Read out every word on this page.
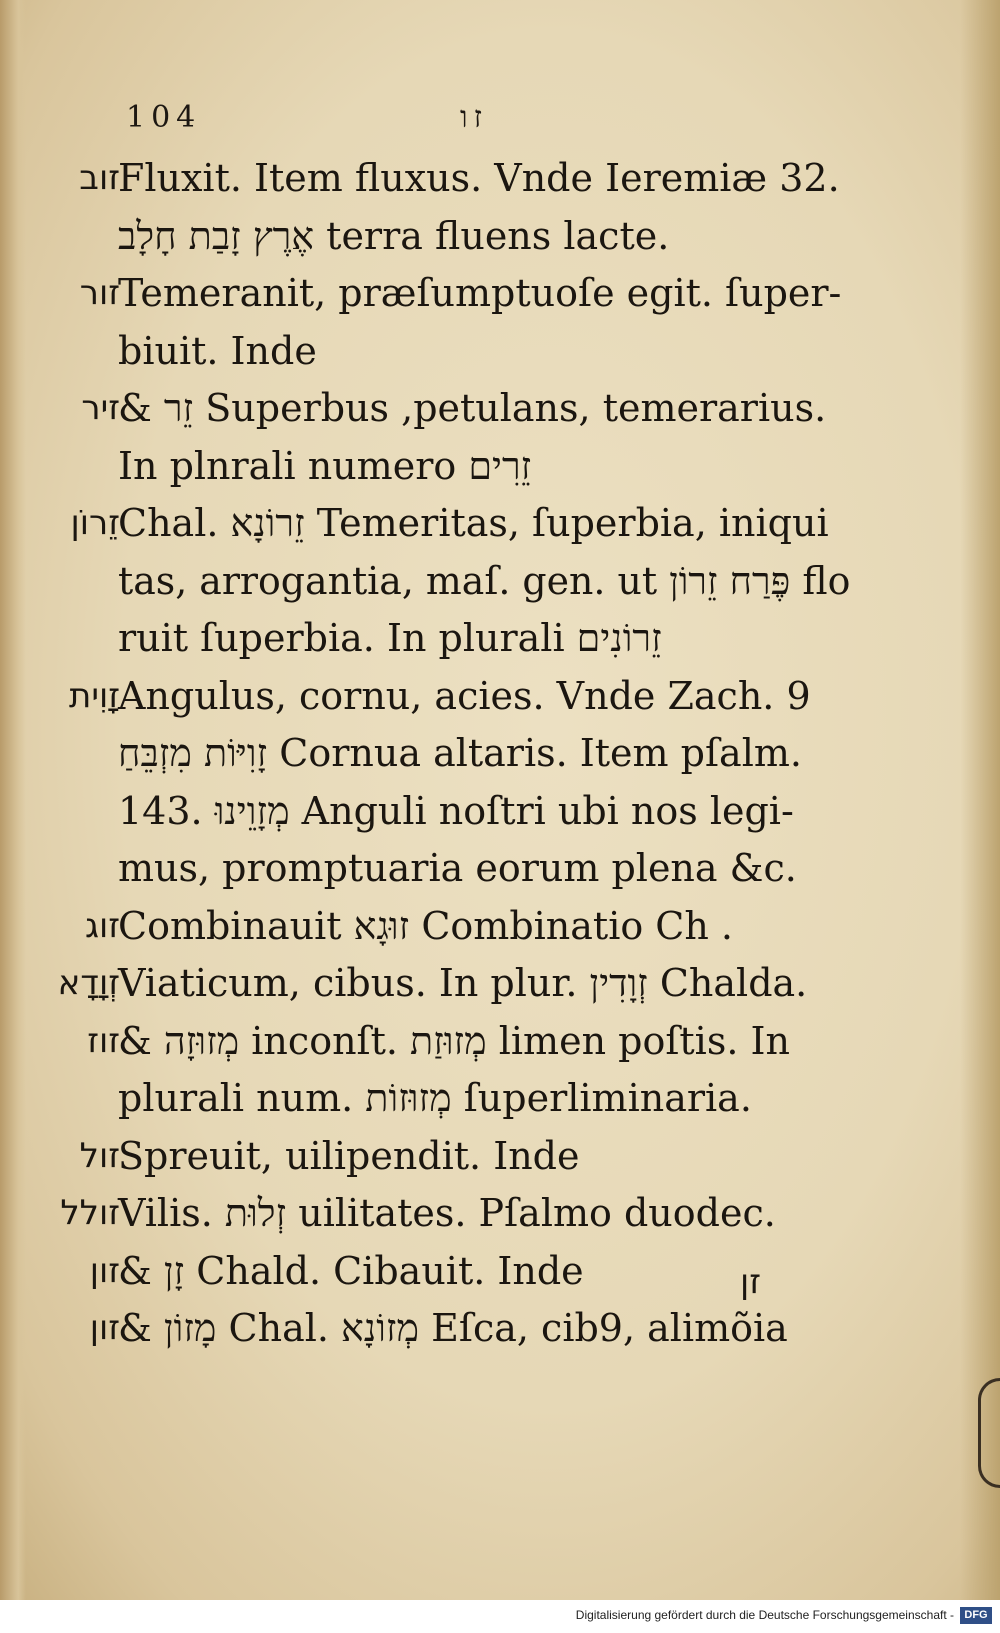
104	זו
זוב
Fluxit. Item fluxus. Vnde Ieremiæ 32.
אֶרֶץ זָבַת חָלָב terra fluens lacte.
זור
Temeranit, præſumptuoſe egit. ſuper-
biuit. Inde
זיר
& זֵר Superbus ,petulans, temerarius.
In plnrali numero זֵרִים
זֵרוֹן
Chal. זֵרוֹנָא Temeritas, ſuperbia, iniqui
tas, arrogantia, maſ. gen. ut פֶּרַח זֵרוֹן flo
ruit ſuperbia. In plurali זֵרוֹנִים
זָוִית
Angulus, cornu, acies. Vnde Zach. 9
זָוִיּוֹת מִזְבֵּחַ Cornua altaris. Item pſalm.
143. מְזָוֵינוּ Anguli noſtri ubi nos legi-
mus, promptuaria eorum plena &c.
זוג
Combinauit זוּגָא Combinatio Ch .
זְוָדָא
Viaticum, cibus. In plur. זְוָדִין Chalda.
זוז
& מְזוּזָה inconſt. מְזוּזַת limen poſtis. In
plurali num. מְזוּזוֹת ſuperliminaria.
זול
Spreuit, uilipendit. Inde
זולל
Vilis. זְלוּת uilitates. Pſalmo duodec.
זון
& זָן Chald. Cibauit. Inde
זון
& מָזוֹן Chal. מְזוֹנָא Eſca, cib9, alimõia
זן
Digitalisierung gefördert durch die Deutsche Forschungsgemeinschaft - DFG
